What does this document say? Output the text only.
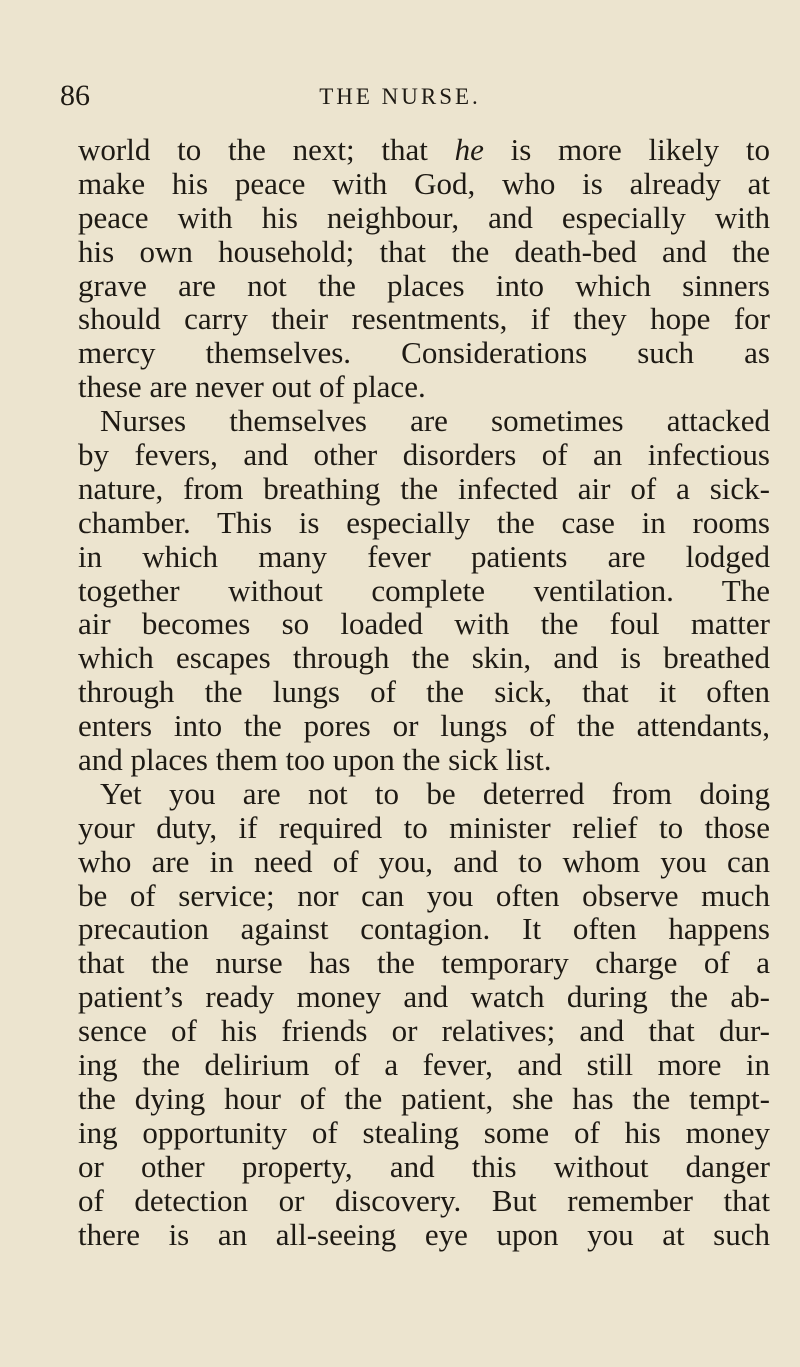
86	THE NURSE.
world to the next; that he is more likely to
make his peace with God, who is already at
peace with his neighbour, and especially with
his own household; that the death-bed and the
grave are not the places into which sinners
should carry their resentments, if they hope for
mercy themselves. Considerations such as
these are never out of place.
Nurses themselves are sometimes attacked
by fevers, and other disorders of an infectious
nature, from breathing the infected air of a sick-
chamber. This is especially the case in rooms
in which many fever patients are lodged
together without complete ventilation. The
air becomes so loaded with the foul matter
which escapes through the skin, and is breathed
through the lungs of the sick, that it often
enters into the pores or lungs of the attendants,
and places them too upon the sick list.
Yet you are not to be deterred from doing
your duty, if required to minister relief to those
who are in need of you, and to whom you can
be of service; nor can you often observe much
precaution against contagion. It often happens
that the nurse has the temporary charge of a
patient’s ready money and watch during the ab-
sence of his friends or relatives; and that dur-
ing the delirium of a fever, and still more in
the dying hour of the patient, she has the tempt-
ing opportunity of stealing some of his money
or other property, and this without danger
of detection or discovery. But remember that
there is an all-seeing eye upon you at such
